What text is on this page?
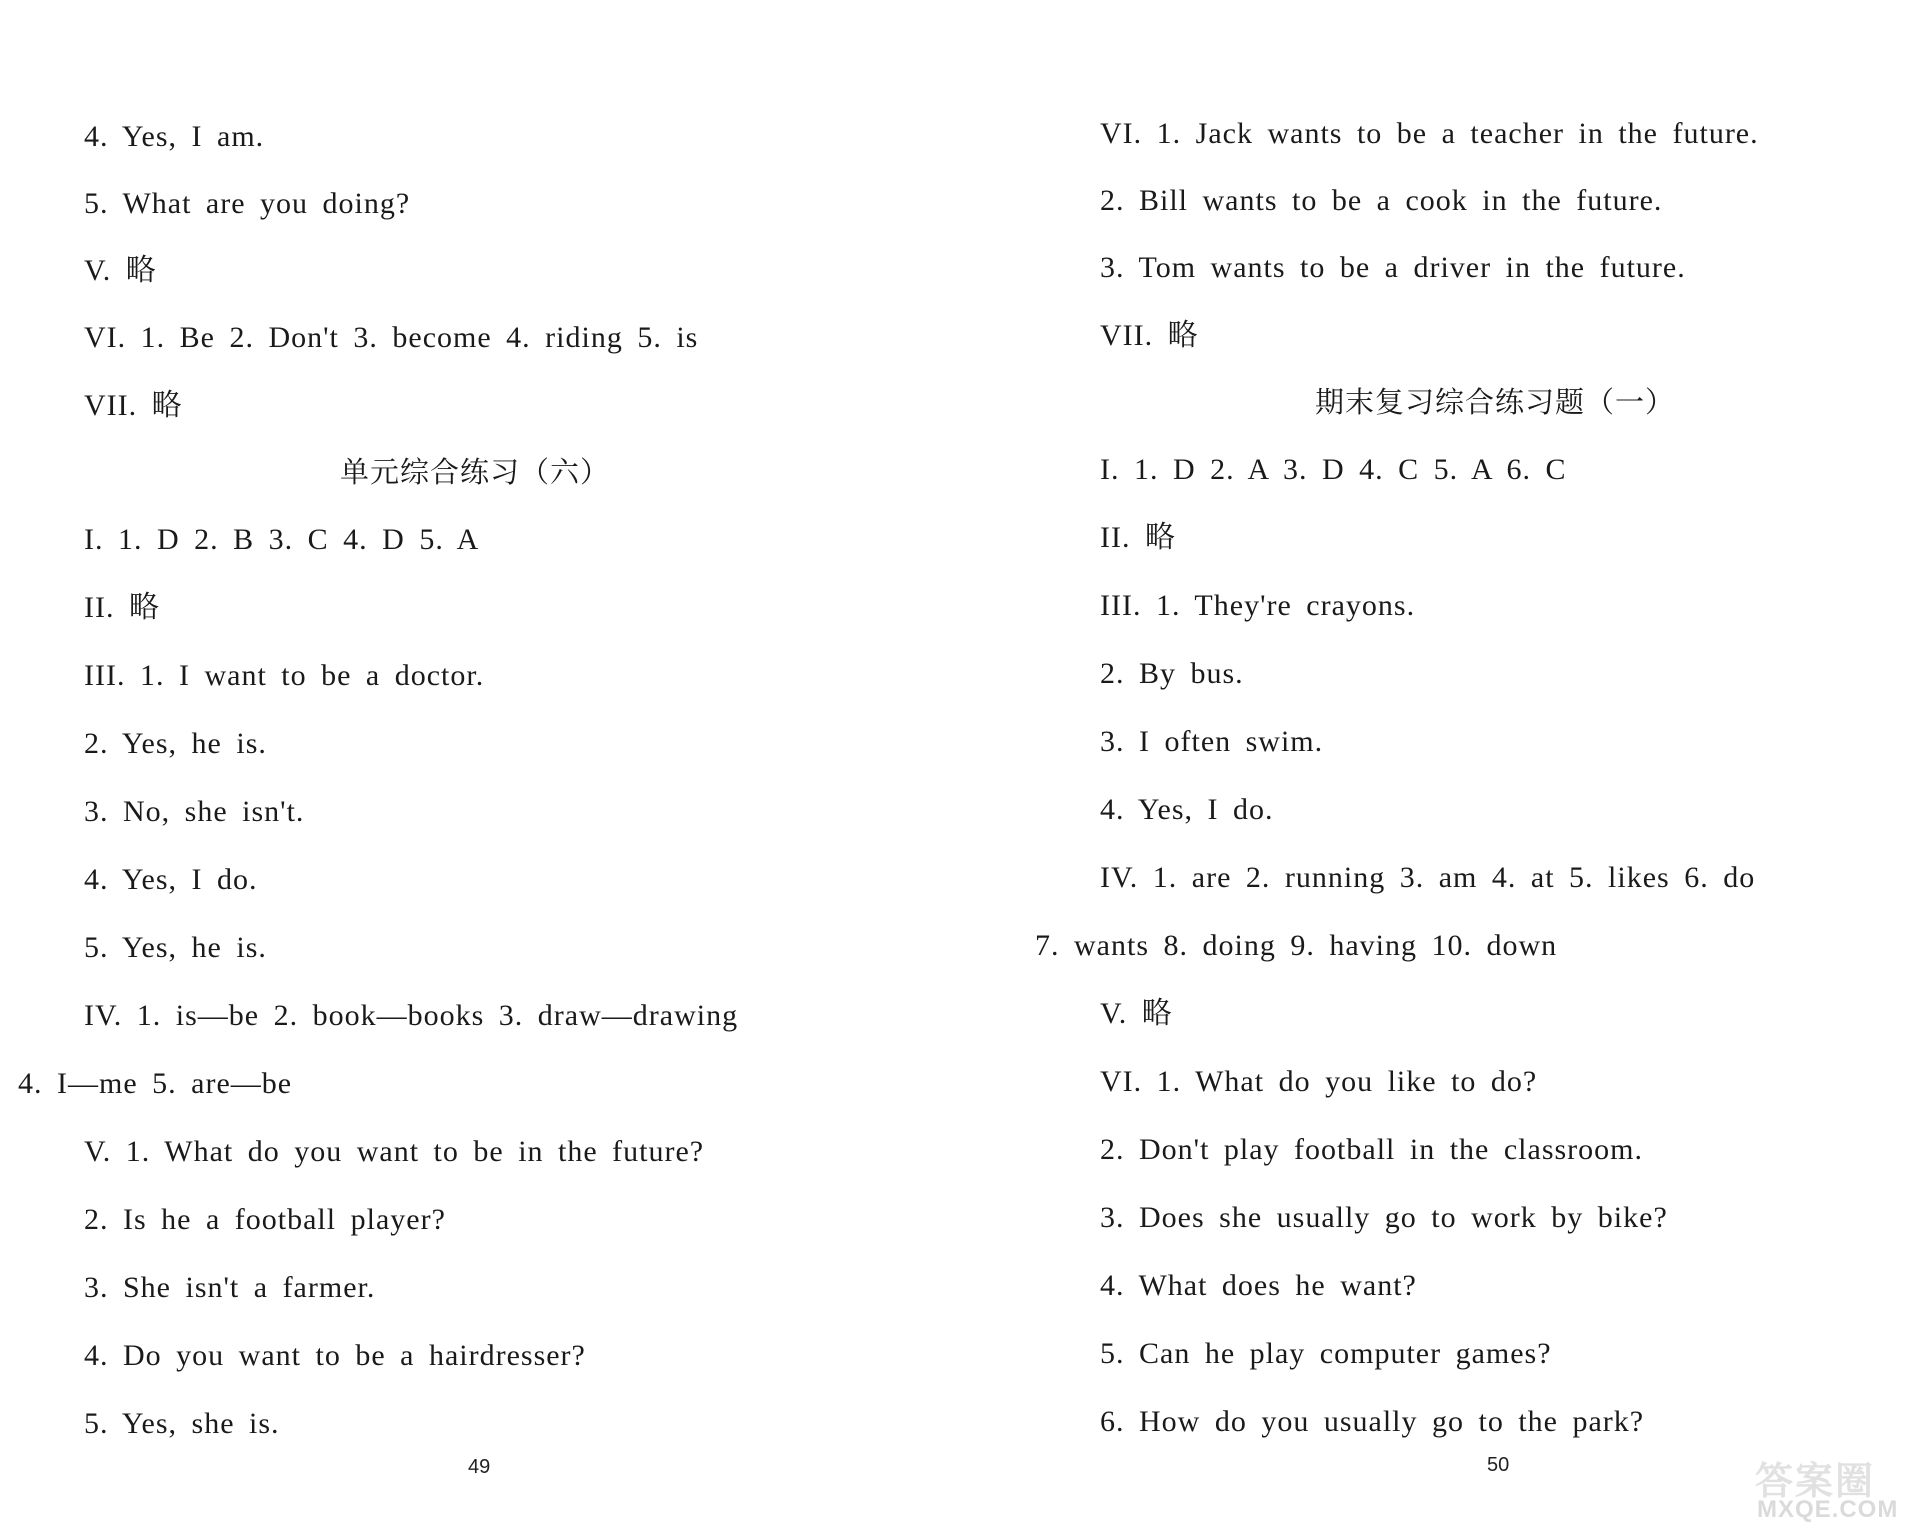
4. Yes, I am.
5. What are you doing?
V. 略
VI. 1. Be 2. Don't 3. become 4. riding 5. is
VII. 略
单元综合练习（六）
I. 1. D 2. B 3. C 4. D 5. A
II. 略
III. 1. I want to be a doctor.
2. Yes, he is.
3. No, she isn't.
4. Yes, I do.
5. Yes, he is.
IV. 1. is—be 2. book—books 3. draw—drawing
4. I—me 5. are—be
V. 1. What do you want to be in the future?
2. Is he a football player?
3. She isn't a farmer.
4. Do you want to be a hairdresser?
5. Yes, she is.
49
VI. 1. Jack wants to be a teacher in the future.
2. Bill wants to be a cook in the future.
3. Tom wants to be a driver in the future.
VII. 略
期末复习综合练习题（一）
I. 1. D 2. A 3. D 4. C 5. A 6. C
II. 略
III. 1. They're crayons.
2. By bus.
3. I often swim.
4. Yes, I do.
IV. 1. are 2. running 3. am 4. at 5. likes 6. do
7. wants 8. doing 9. having 10. down
V. 略
VI. 1. What do you like to do?
2. Don't play football in the classroom.
3. Does she usually go to work by bike?
4. What does he want?
5. Can he play computer games?
6. How do you usually go to the park?
50	答案圈
MXQE.COM
